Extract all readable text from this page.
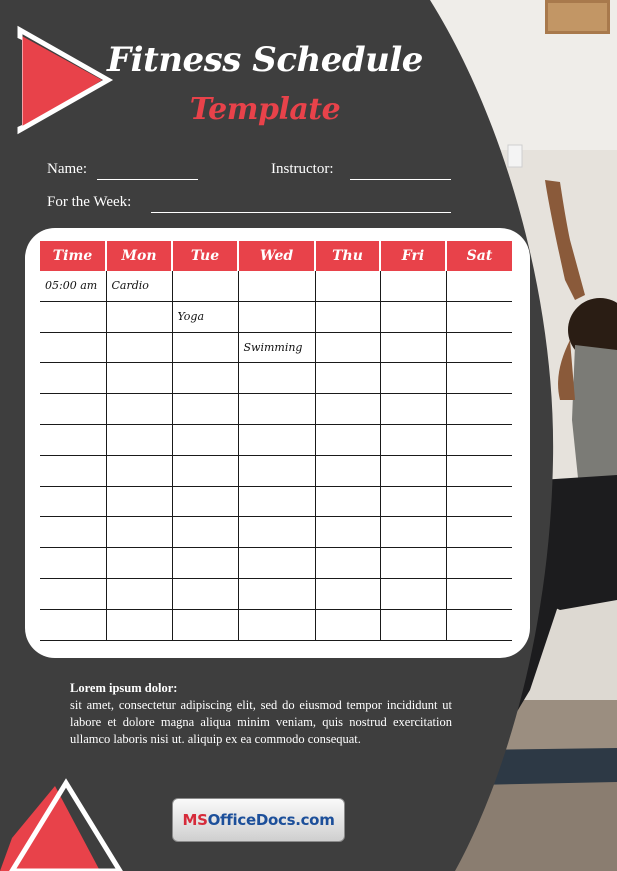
Fitness Schedule
Template
Name:	Instructor:
For the Week:
Time	Mon	Tue	Wed	Thu	Fri	Sat
05:00 am	Cardio					
		Yoga				
			Swimming			

Lorem ipsum dolor:
sit amet, consectetur adipiscing elit, sed do eiusmod tempor incididunt ut labore et dolore magna aliqua minim veniam, quis nostrud exercitation ullamco laboris nisi ut. aliquip ex ea commodo consequat.
MSOfficeDocs.com
